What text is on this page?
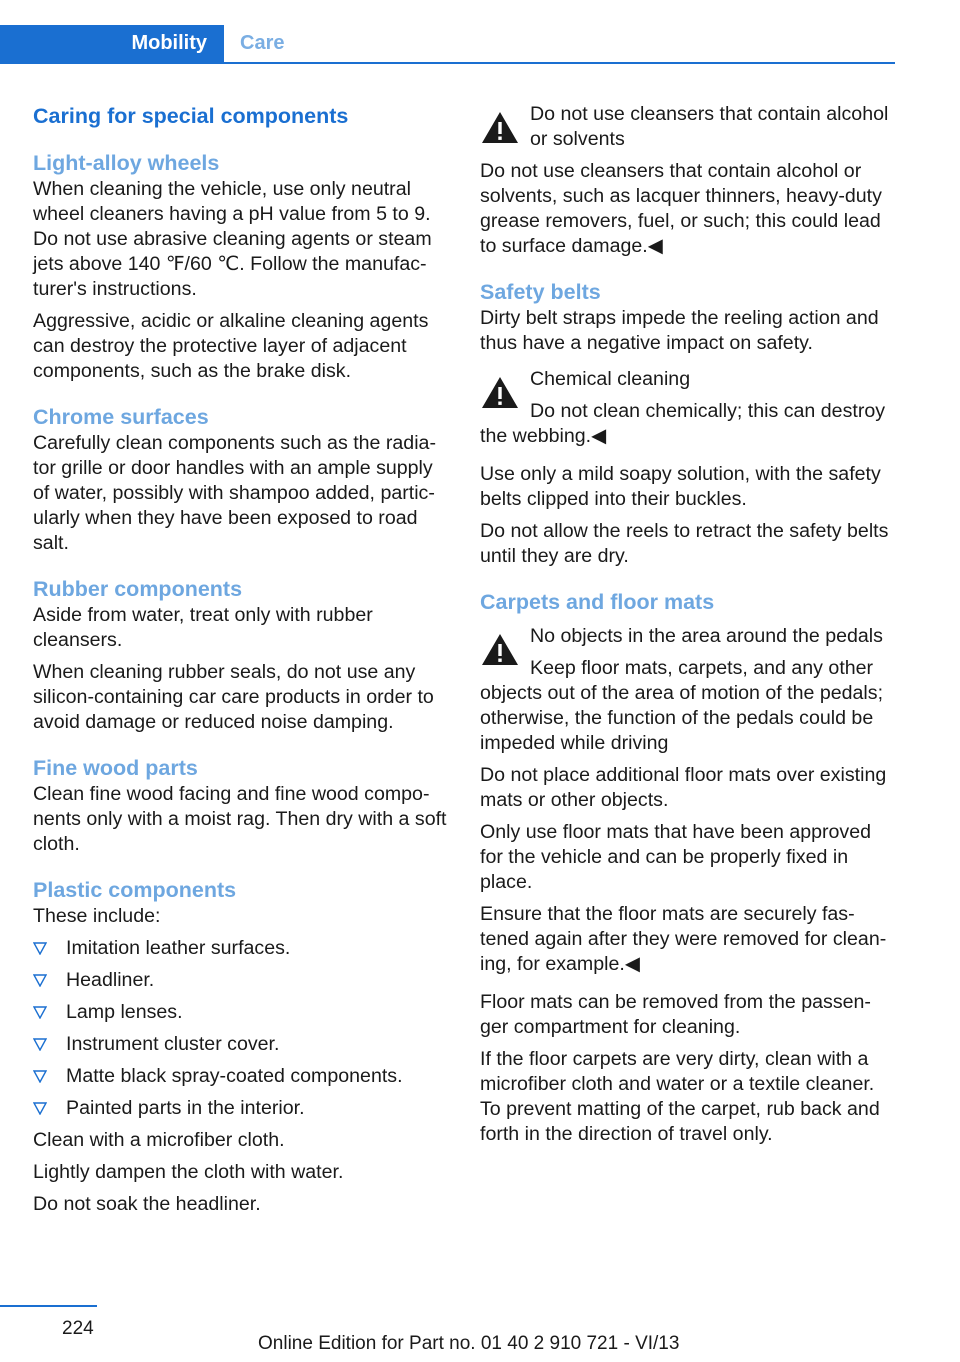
Mobility Care
Caring for special components
Light-alloy wheels

When cleaning the vehicle, use only neutral wheel cleaners having a pH value from 5 to 9. Do not use abrasive cleaning agents or steam jets above 140 ℉/60 ℃. Follow the manufac- turer's instructions.

Aggressive, acidic or alkaline cleaning agents can destroy the protective layer of adjacent components, such as the brake disk.

Chrome surfaces

Carefully clean components such as the radia- tor grille or door handles with an ample supply of water, possibly with shampoo added, partic- ularly when they have been exposed to road salt.

Rubber components

Aside from water, treat only with rubber cleansers.

When cleaning rubber seals, do not use any silicon-containing car care products in order to avoid damage or reduced noise damping.

Fine wood parts

Clean fine wood facing and fine wood compo- nents only with a moist rag. Then dry with a soft cloth.

Plastic components

These include:

Imitation leather surfaces.
Headliner.
Lamp lenses.
Instrument cluster cover.
Matte black spray-coated components.
Painted parts in the interior.

Clean with a microfiber cloth.

Lightly dampen the cloth with water.

Do not soak the headliner.

Do not use cleansers that contain alcohol or solvents

Do not use cleansers that contain alcohol or solvents, such as lacquer thinners, heavy-duty grease removers, fuel, or such; this could lead to surface damage.◀

Safety belts

Dirty belt straps impede the reeling action and thus have a negative impact on safety.

Chemical cleaning

Do not clean chemically; this can destroy the webbing.◀

Use only a mild soapy solution, with the safety belts clipped into their buckles.

Do not allow the reels to retract the safety belts until they are dry.

Carpets and floor mats

No objects in the area around the pedals

Keep floor mats, carpets, and any other objects out of the area of motion of the pedals; otherwise, the function of the pedals could be impeded while driving

Do not place additional floor mats over existing mats or other objects.

Only use floor mats that have been approved for the vehicle and can be properly fixed in place.

Ensure that the floor mats are securely fas- tened again after they were removed for clean- ing, for example.◀

Floor mats can be removed from the passen- ger compartment for cleaning.

If the floor carpets are very dirty, clean with a microfiber cloth and water or a textile cleaner. To prevent matting of the carpet, rub back and forth in the direction of travel only.

224
Online Edition for Part no. 01 40 2 910 721 - VI/13
